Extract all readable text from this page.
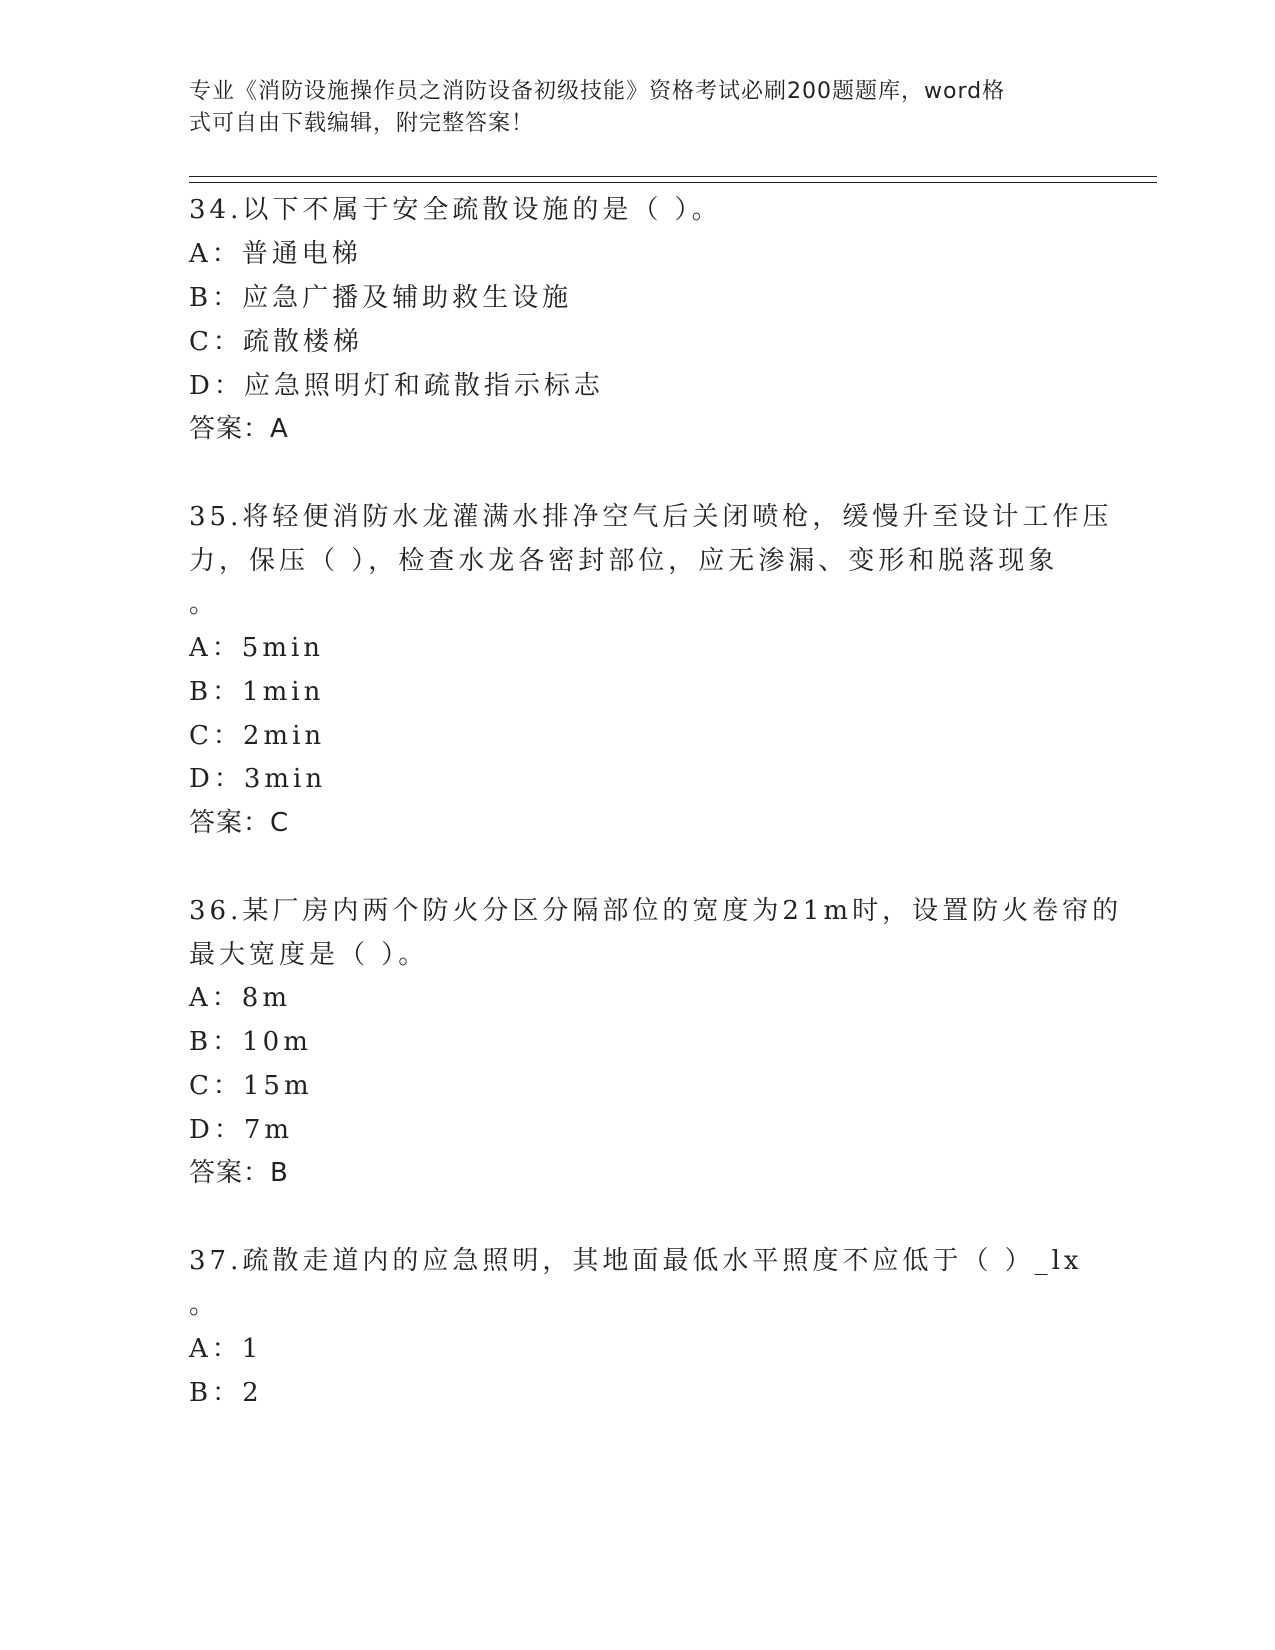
专业《消防设施操作员之消防设备初级技能》资格考试必刷200题题库，word格
式可自由下载编辑，附完整答案！
34.以下不属于安全疏散设施的是（ ）。
A：普通电梯
B：应急广播及辅助救生设施
C：疏散楼梯
D：应急照明灯和疏散指示标志
答案：A
35.将轻便消防水龙灌满水排净空气后关闭喷枪，缓慢升至设计工作压
力，保压（ ），检查水龙各密封部位，应无渗漏、变形和脱落现象
。
A：5min
B：1min
C：2min
D：3min
答案：C
36.某厂房内两个防火分区分隔部位的宽度为21m时，设置防火卷帘的
最大宽度是（ ）。
A：8m
B：10m
C：15m
D：7m
答案：B
37.疏散走道内的应急照明，其地面最低水平照度不应低于（ ）_lx
。
A：1
B：2
